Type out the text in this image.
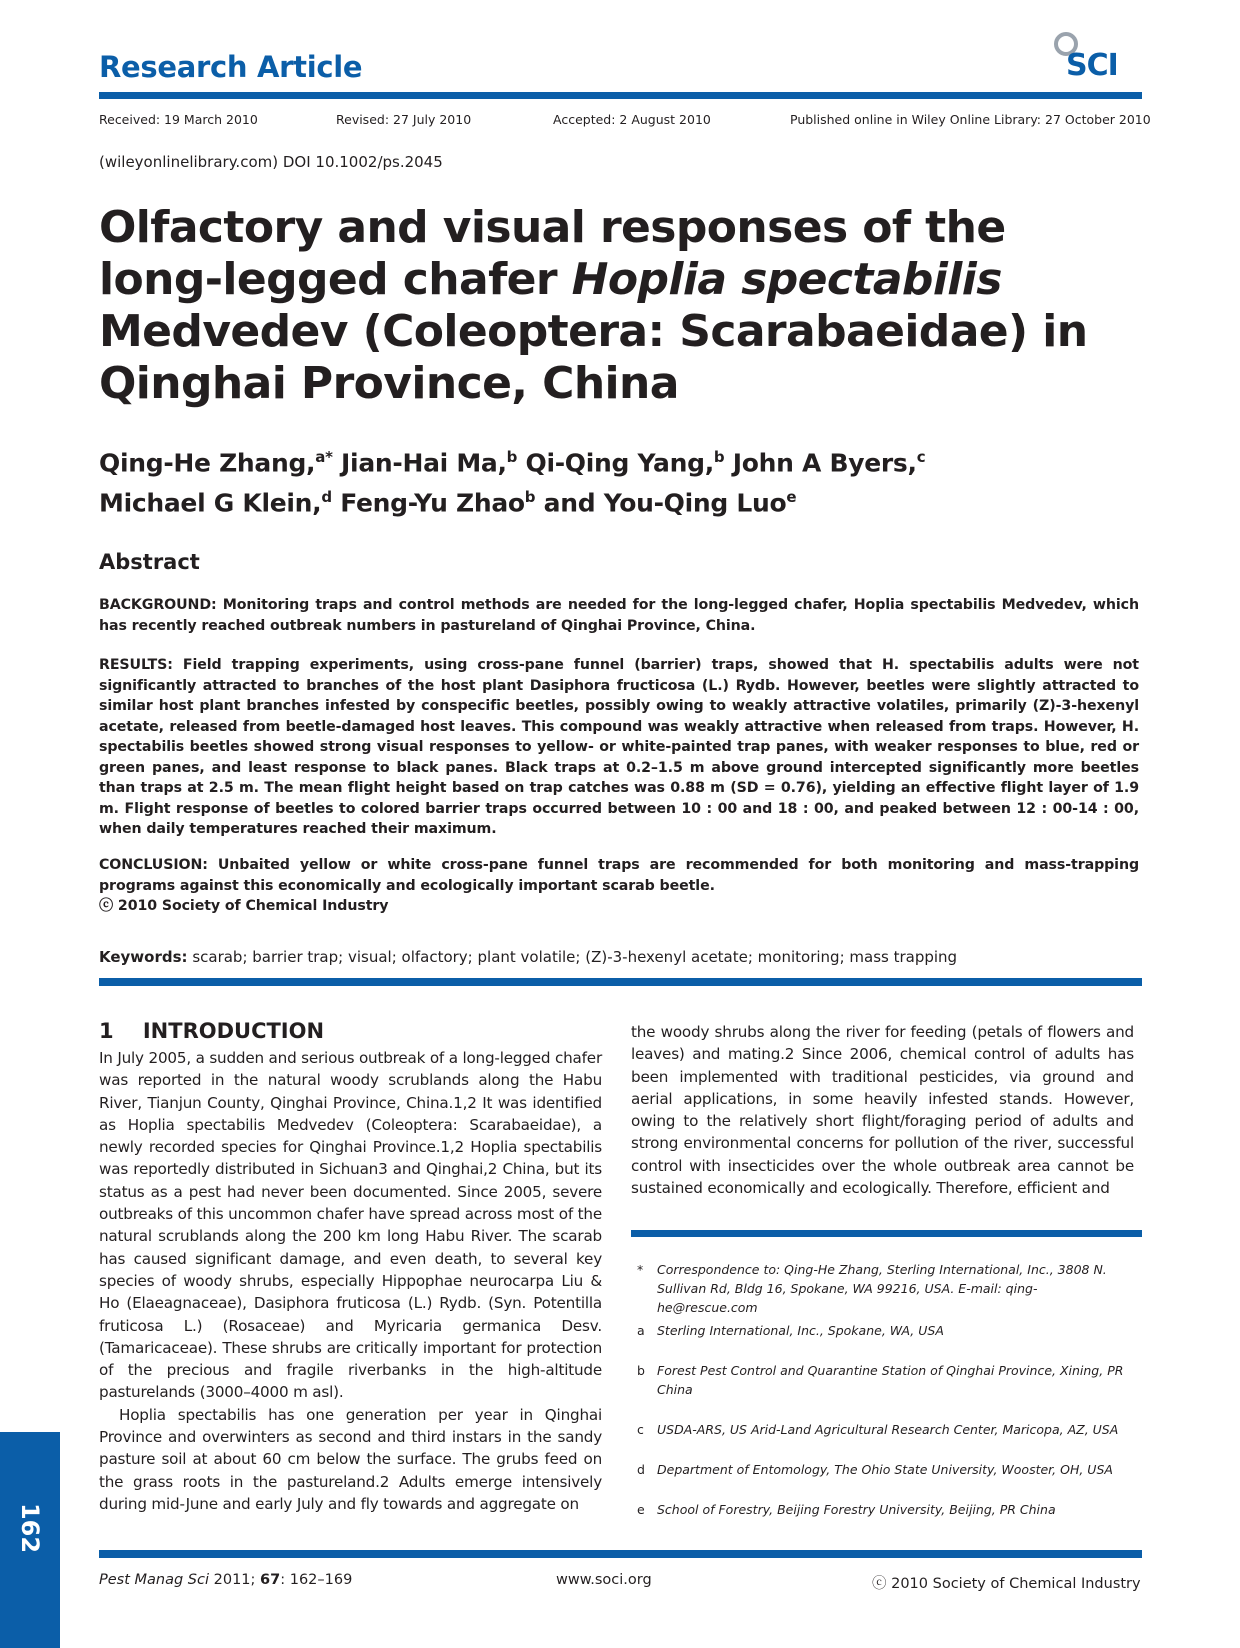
Research Article	SCI
Received: 19 March 2010	Revised: 27 July 2010	Accepted: 2 August 2010	Published online in Wiley Online Library: 27 October 2010
(wileyonlinelibrary.com) DOI 10.1002/ps.2045
Olfactory and visual responses of the long-legged chafer Hoplia spectabilis Medvedev (Coleoptera: Scarabaeidae) in Qinghai Province, China
Qing-He Zhang,$^{a*}$ Jian-Hai Ma,$^b$ Qi-Qing Yang,$^b$ John A Byers,$^c$
Michael G Klein,$^d$ Feng-Yu Zhao$^b$ and You-Qing Luo$^e$
Abstract
BACKGROUND: Monitoring traps and control methods are needed for the long-legged chafer, Hoplia spectabilis Medvedev, which has recently reached outbreak numbers in pastureland of Qinghai Province, China.
RESULTS: Field trapping experiments, using cross-pane funnel (barrier) traps, showed that H. spectabilis adults were not significantly attracted to branches of the host plant Dasiphora fructicosa (L.) Rydb. However, beetles were slightly attracted to similar host plant branches infested by conspecific beetles, possibly owing to weakly attractive volatiles, primarily (Z)-3-hexenyl acetate, released from beetle-damaged host leaves. This compound was weakly attractive when released from traps. However, H. spectabilis beetles showed strong visual responses to yellow- or white-painted trap panes, with weaker responses to blue, red or green panes, and least response to black panes. Black traps at 0.2–1.5 m above ground intercepted significantly more beetles than traps at 2.5 m. The mean flight height based on trap catches was 0.88 m (SD = 0.76), yielding an effective flight layer of 1.9 m. Flight response of beetles to colored barrier traps occurred between 10 : 00 and 18 : 00, and peaked between 12 : 00-14 : 00, when daily temperatures reached their maximum.
CONCLUSION: Unbaited yellow or white cross-pane funnel traps are recommended for both monitoring and mass-trapping programs against this economically and ecologically important scarab beetle.
ⓒ 2010 Society of Chemical Industry
Keywords: scarab; barrier trap; visual; olfactory; plant volatile; (Z)-3-hexenyl acetate; monitoring; mass trapping
1    INTRODUCTION

In July 2005, a sudden and serious outbreak of a long-legged chafer was reported in the natural woody scrublands along the Habu River, Tianjun County, Qinghai Province, China.1,2 It was identified as Hoplia spectabilis Medvedev (Coleoptera: Scarabaeidae), a newly recorded species for Qinghai Province.1,2 Hoplia spectabilis was reportedly distributed in Sichuan3 and Qinghai,2 China, but its status as a pest had never been documented. Since 2005, severe outbreaks of this uncommon chafer have spread across most of the natural scrublands along the 200 km long Habu River. The scarab has caused significant damage, and even death, to several key species of woody shrubs, especially Hippophae neurocarpa Liu & Ho (Elaeagnaceae), Dasiphora fruticosa (L.) Rydb. (Syn. Potentilla fruticosa L.) (Rosaceae) and Myricaria germanica Desv. (Tamaricaceae). These shrubs are critically important for protection of the precious and fragile riverbanks in the high-altitude pasturelands (3000–4000 m asl).

Hoplia spectabilis has one generation per year in Qinghai Province and overwinters as second and third instars in the sandy pasture soil at about 60 cm below the surface. The grubs feed on the grass roots in the pastureland.2 Adults emerge intensively during mid-June and early July and fly towards and aggregate on

the woody shrubs along the river for feeding (petals of flowers and leaves) and mating.2 Since 2006, chemical control of adults has been implemented with traditional pesticides, via ground and aerial applications, in some heavily infested stands. However, owing to the relatively short flight/foraging period of adults and strong environmental concerns for pollution of the river, successful control with insecticides over the whole outbreak area cannot be sustained economically and ecologically. Therefore, efficient and

*	Correspondence to: Qing-He Zhang, Sterling International, Inc., 3808 N. Sullivan Rd, Bldg 16, Spokane, WA 99216, USA. E-mail: qing-he@rescue.com
a Sterling International, Inc., Spokane, WA, USA
b Forest Pest Control and Quarantine Station of Qinghai Province, Xining, PR China
c	USDA-ARS, US Arid-Land Agricultural Research Center, Maricopa, AZ, USA
d Department of Entomology, The Ohio State University, Wooster, OH, USA
e School of Forestry, Beijing Forestry University, Beijing, PR China
162
Pest Manag Sci 2011; 67: 162–169	www.soci.org	ⓒ 2010 Society of Chemical Industry
